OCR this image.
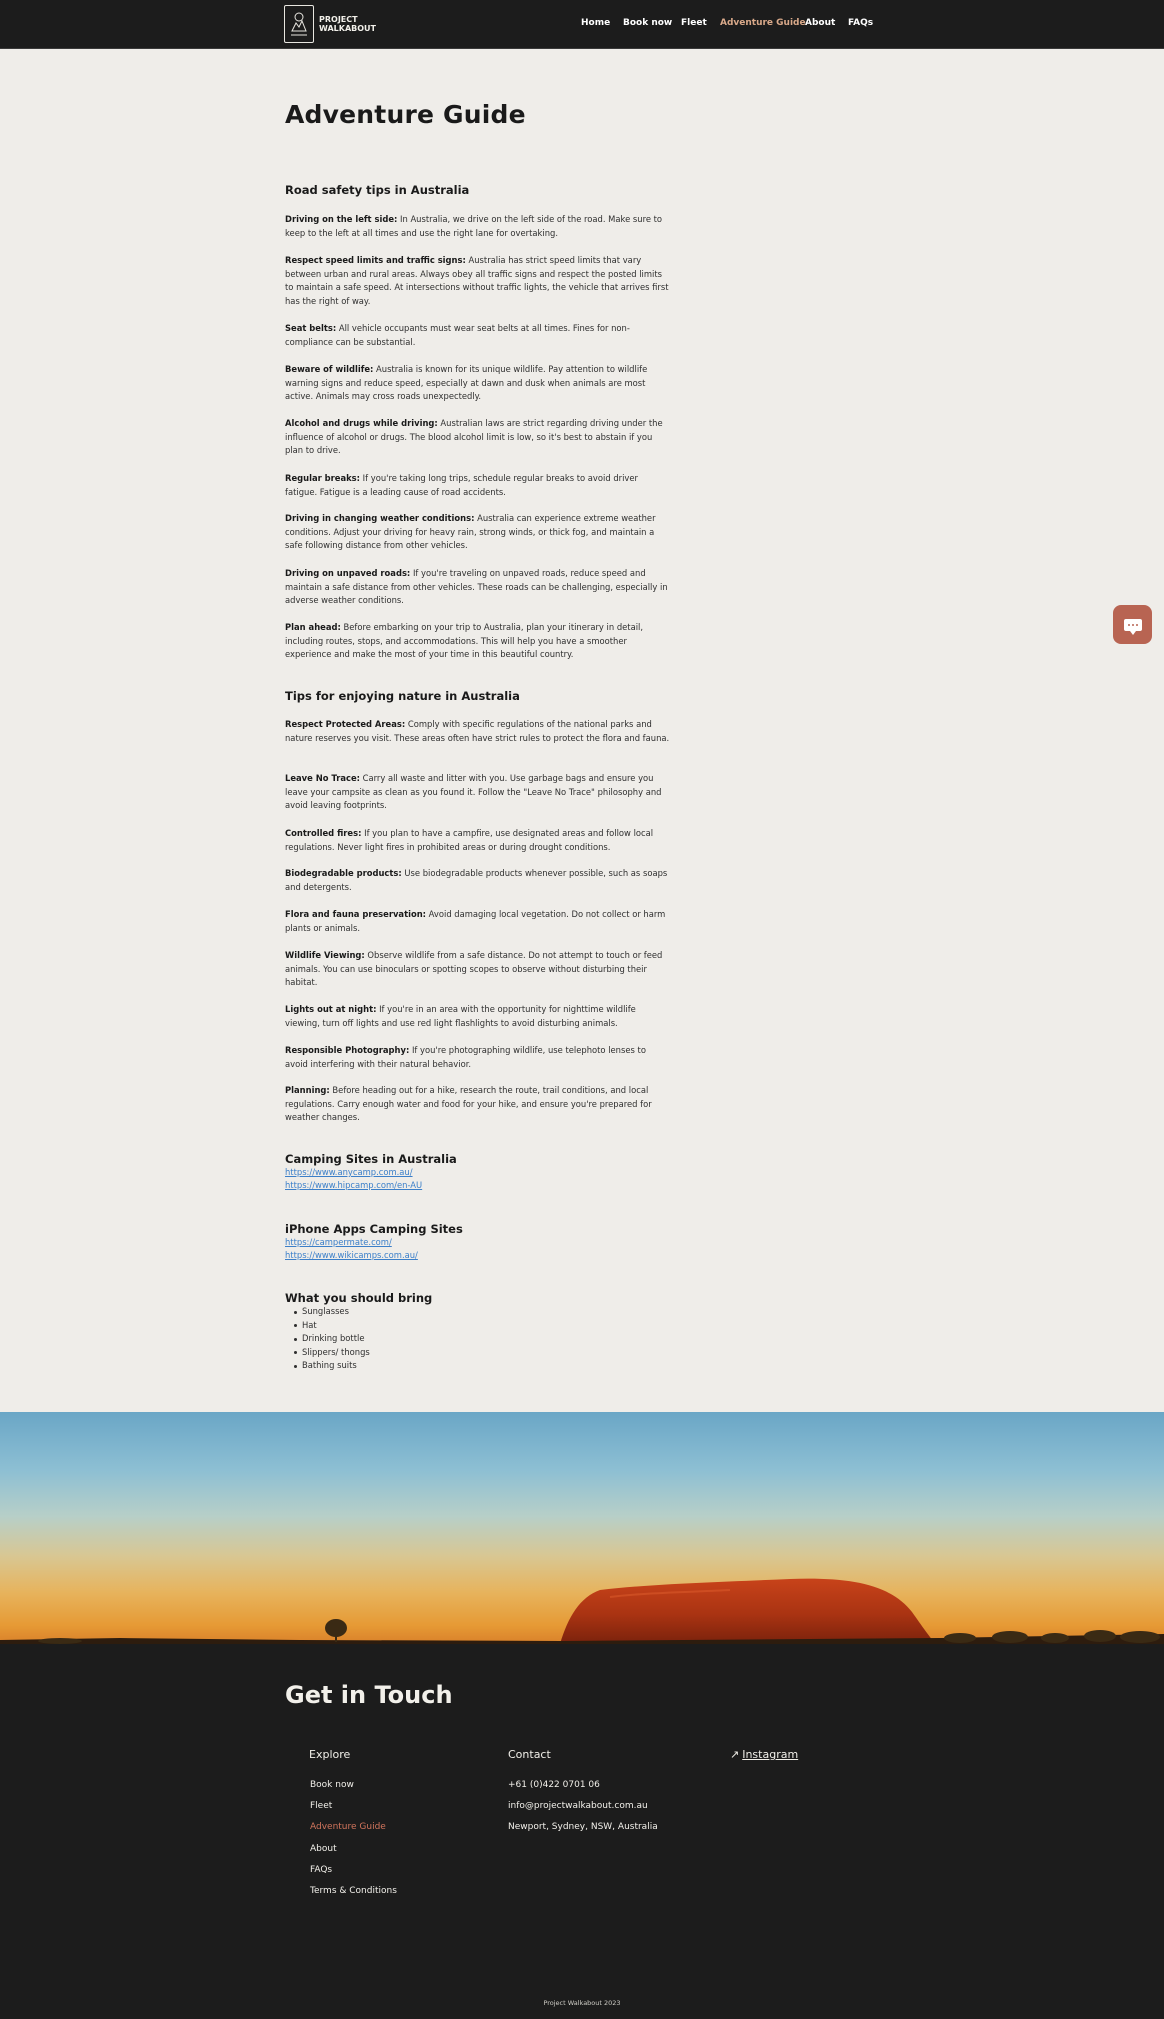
PROJECT
WALKABOUT
Home Book now Fleet Adventure Guide About FAQs
Adventure Guide
Road safety tips in Australia

Driving on the left side: In Australia, we drive on the left side of the road. Make sure to keep to the left at all times and use the right lane for overtaking.

Respect speed limits and traffic signs: Australia has strict speed limits that vary between urban and rural areas. Always obey all traffic signs and respect the posted limits to maintain a safe speed. At intersections without traffic lights, the vehicle that arrives first has the right of way.

Seat belts: All vehicle occupants must wear seat belts at all times. Fines for non-compliance can be substantial.

Beware of wildlife: Australia is known for its unique wildlife. Pay attention to wildlife warning signs and reduce speed, especially at dawn and dusk when animals are most active. Animals may cross roads unexpectedly.

Alcohol and drugs while driving: Australian laws are strict regarding driving under the influence of alcohol or drugs. The blood alcohol limit is low, so it's best to abstain if you plan to drive.

Regular breaks: If you're taking long trips, schedule regular breaks to avoid driver fatigue. Fatigue is a leading cause of road accidents.

Driving in changing weather conditions: Australia can experience extreme weather conditions. Adjust your driving for heavy rain, strong winds, or thick fog, and maintain a safe following distance from other vehicles.

Driving on unpaved roads: If you're traveling on unpaved roads, reduce speed and maintain a safe distance from other vehicles. These roads can be challenging, especially in adverse weather conditions.

Plan ahead: Before embarking on your trip to Australia, plan your itinerary in detail, including routes, stops, and accommodations. This will help you have a smoother experience and make the most of your time in this beautiful country.

Tips for enjoying nature in Australia

Respect Protected Areas: Comply with specific regulations of the national parks and nature reserves you visit. These areas often have strict rules to protect the flora and fauna.

Leave No Trace: Carry all waste and litter with you. Use garbage bags and ensure you leave your campsite as clean as you found it. Follow the "Leave No Trace" philosophy and avoid leaving footprints.

Controlled fires: If you plan to have a campfire, use designated areas and follow local regulations. Never light fires in prohibited areas or during drought conditions.

Biodegradable products: Use biodegradable products whenever possible, such as soaps and detergents.

Flora and fauna preservation: Avoid damaging local vegetation. Do not collect or harm plants or animals.

Wildlife Viewing: Observe wildlife from a safe distance. Do not attempt to touch or feed animals. You can use binoculars or spotting scopes to observe without disturbing their habitat.

Lights out at night: If you're in an area with the opportunity for nighttime wildlife viewing, turn off lights and use red light flashlights to avoid disturbing animals.

Responsible Photography: If you're photographing wildlife, use telephoto lenses to avoid interfering with their natural behavior.

Planning: Before heading out for a hike, research the route, trail conditions, and local regulations. Carry enough water and food for your hike, and ensure you're prepared for weather changes.

Camping Sites in Australia
https://www.anycamp.com.au/
https://www.hipcamp.com/en-AU
iPhone Apps Camping Sites
https://campermate.com/
https://www.wikicamps.com.au/
What you should bring
Sunglasses
Hat
Drinking bottle
Slippers/ thongs
Bathing suits
Get in Touch
Explore
Book now
Fleet
Adventure Guide
About
FAQs
Terms & Conditions
Contact
+61 (0)422 0701 06
info@projectwalkabout.com.au
Newport, Sydney, NSW, Australia
↗ Instagram
Project Walkabout 2023
